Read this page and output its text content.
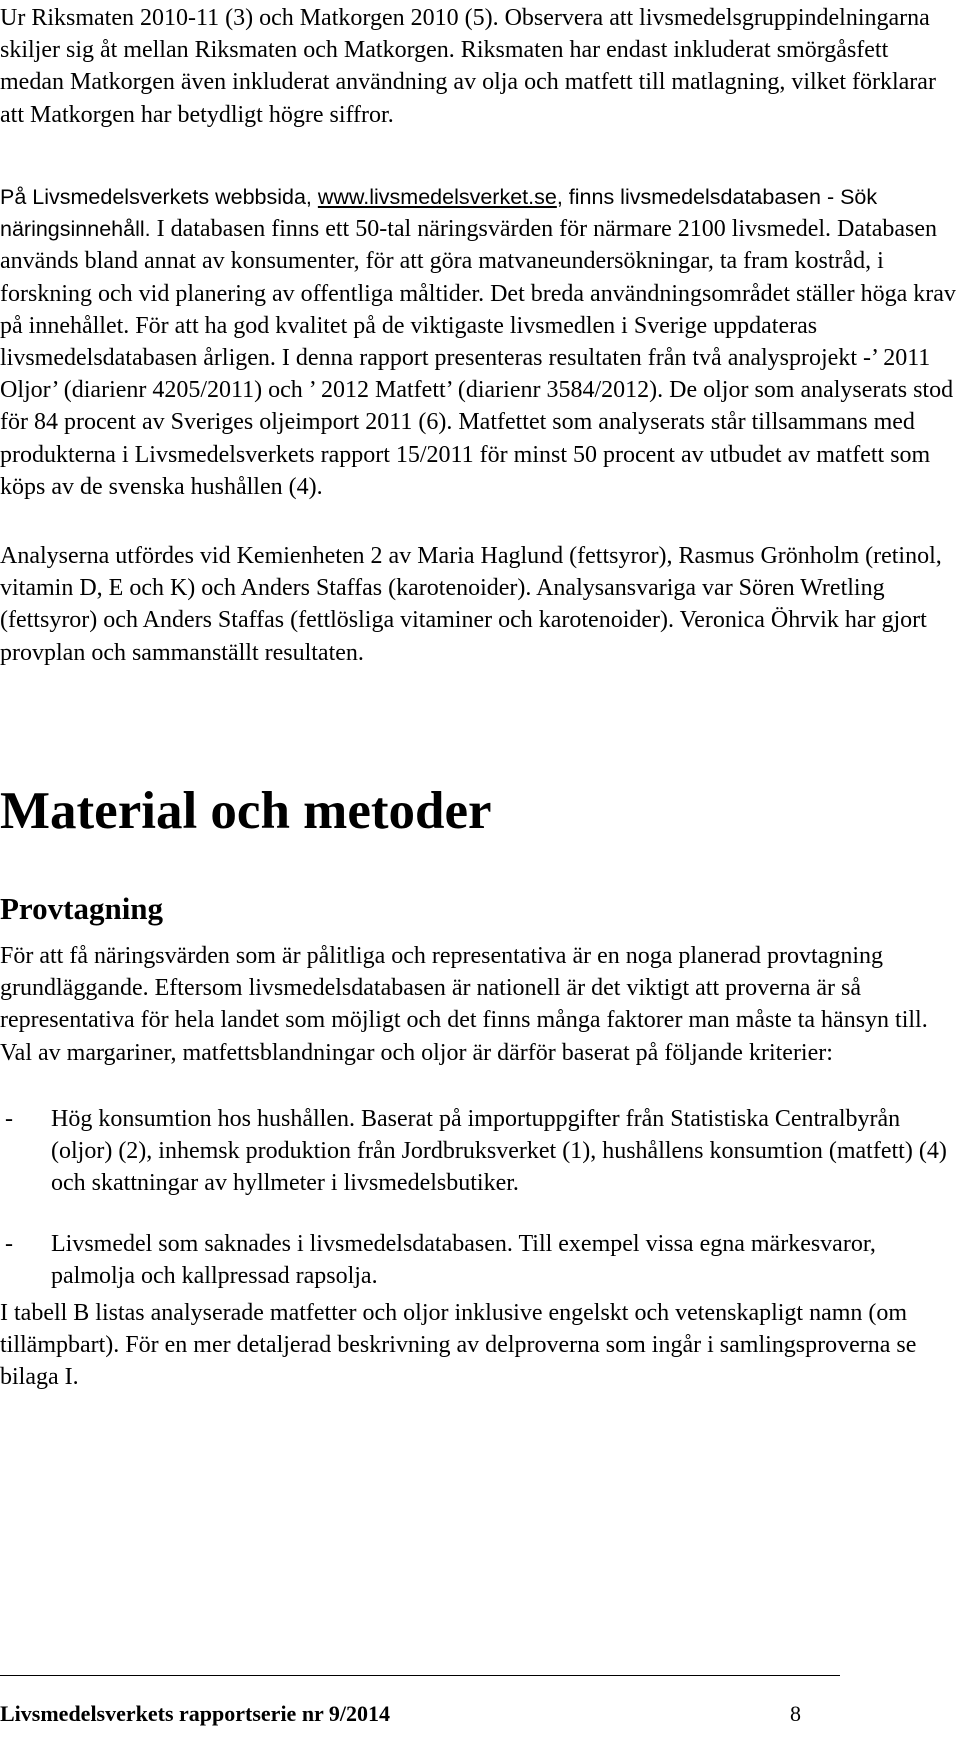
Ur Riksmaten 2010-11 (3) och Matkorgen 2010 (5). Observera att livsmedelsgruppindelningarna skiljer sig åt mellan Riksmaten och Matkorgen. Riksmaten har endast inkluderat smörgåsfett medan Matkorgen även inkluderat användning av olja och matfett till matlagning, vilket förklarar att Matkorgen har betydligt högre siffror.

På Livsmedelsverkets webbsida, www.livsmedelsverket.se, finns livsmedelsdatabasen - Sök näringsinnehåll. I databasen finns ett 50-tal näringsvärden för närmare 2100 livsmedel. Databasen används bland annat av konsumenter, för att göra matvaneundersökningar, ta fram kostråd, i forskning och vid planering av offentliga måltider. Det breda användningsområdet ställer höga krav på innehållet. För att ha god kvalitet på de viktigaste livsmedlen i Sverige uppdateras livsmedelsdatabasen årligen. I denna rapport presenteras resultaten från två analysprojekt -’ 2011 Oljor’ (diarienr 4205/2011) och ’ 2012 Matfett’ (diarienr 3584/2012). De oljor som analyserats stod för 84 procent av Sveriges oljeimport 2011 (6). Matfettet som analyserats står tillsammans med produkterna i Livsmedelsverkets rapport 15/2011 för minst 50 procent av utbudet av matfett som köps av de svenska hushållen (4).

Analyserna utfördes vid Kemienheten 2 av Maria Haglund (fettsyror), Rasmus Grönholm (retinol, vitamin D, E och K) och Anders Staffas (karotenoider). Analysansvariga var Sören Wretling (fettsyror) och Anders Staffas (fettlösliga vitaminer och karotenoider). Veronica Öhrvik har gjort provplan och sammanställt resultaten.

Material och metoder
Provtagning

För att få näringsvärden som är pålitliga och representativa är en noga planerad provtagning grundläggande. Eftersom livsmedelsdatabasen är nationell är det viktigt att proverna är så representativa för hela landet som möjligt och det finns många faktorer man måste ta hänsyn till. Val av margariner, matfettsblandningar och oljor är därför baserat på följande kriterier:

- Hög konsumtion hos hushållen. Baserat på importuppgifter från Statistiska Centralbyrån (oljor) (2), inhemsk produktion från Jordbruksverket (1), hushållens konsumtion (matfett) (4) och skattningar av hyllmeter i livsmedelsbutiker.

- Livsmedel som saknades i livsmedelsdatabasen. Till exempel vissa egna märkesvaror, palmolja och kallpressad rapsolja.

I tabell B listas analyserade matfetter och oljor inklusive engelskt och vetenskapligt namn (om tillämpbart). För en mer detaljerad beskrivning av delproverna som ingår i samlingsproverna se bilaga I.

Livsmedelsverkets rapportserie nr 9/2014	8
